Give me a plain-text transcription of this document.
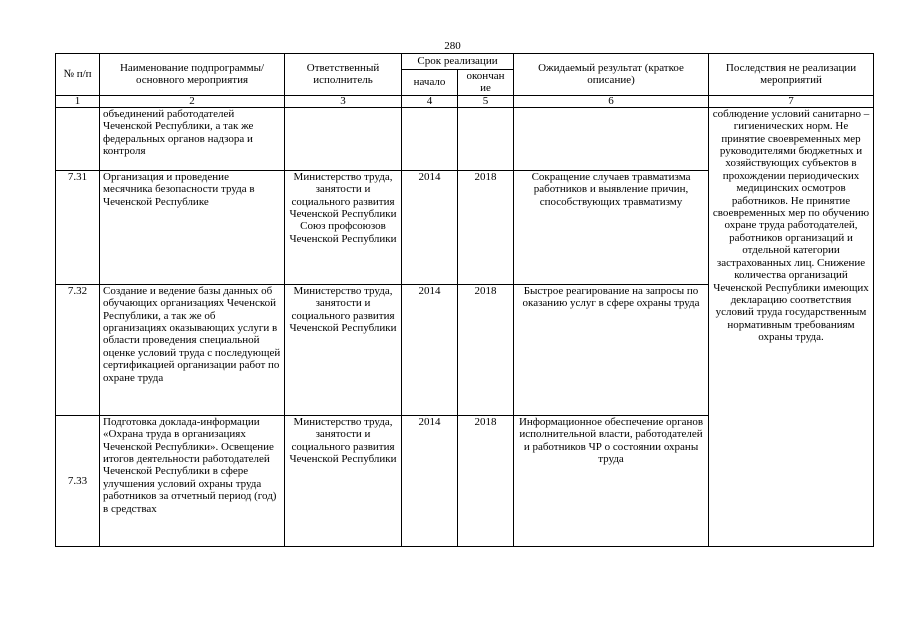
280
№ п/п	Наименование подпрограммы/ основного мероприятия	Ответственный исполнитель	Срок реализации		Ожидаемый результат (краткое описание)	Последствия не реализации мероприятий
			начало	окончан ие		
1	2	3	4	5	6	7
	объединений работодателей Чеченской Республики, а так же федеральных органов надзора и контроля					соблюдение условий санитарно – гигиенических норм. Не принятие своевременных мер руководителями бюджетных и хозяйствующих субъектов в прохождении периодических медицинских осмотров работников. Не принятие своевременных мер по обучению охране труда работодателей, работников организаций и отдельной категории застрахованных лиц. Снижение количества организаций Чеченской Республики имеющих декларацию соответствия условий труда государственным нормативным требованиям охраны труда.
7.31	Организация и проведение месячника безопасности труда в Чеченской Республике	Министерство труда, занятости и социального развития Чеченской Республики Союз профсоюзов Чеченской Республики	2014	2018	Сокращение случаев травматизма работников и выявление причин, способствующих травматизму	
7.32	Создание и ведение базы данных об обучающих организациях Чеченской Республики, а так же об организациях оказывающих услуги в области проведения специальной оценке условий труда с последующей сертификацией организации работ по охране труда	Министерство труда, занятости и социального развития Чеченской Республики	2014	2018	Быстрое реагирование на запросы по оказанию услуг в сфере охраны труда	
7.33	Подготовка доклада-информации «Охрана труда в организациях Чеченской Республики». Освещение итогов деятельности работодателей Чеченской Республики в сфере улучшения условий охраны труда работников за отчетный период (год) в средствах	Министерство труда, занятости и социального развития Чеченской Республики	2014	2018	Информационное обеспечение органов исполнительной власти, работодателей и работников ЧР о состоянии охраны труда	
